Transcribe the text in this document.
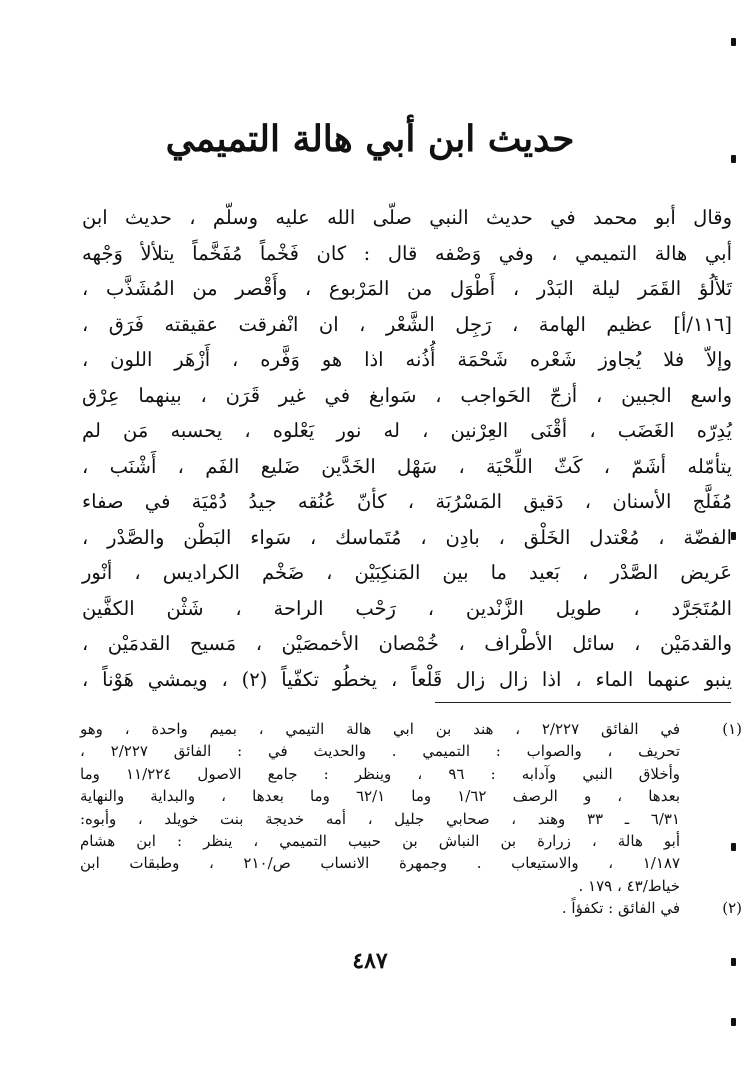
حديث ابن أبي هالة التميمي
وقال أبو محمد في حديث النبي صلّى الله عليه وسلّم ، حديث ابن
أبي هالة التميمي ، وفي وَصْفه قال : كان فَخْماً مُفَخَّماً يتلألأ وَجْهه
تَلألُؤ القَمَر ليلة البَدْر ، أَطْوَل من المَرْبوع ، وأَقْصر من المُشَذَّب ،
[١١٦/أ] عظيم الهامة ، رَجِل الشَّعْر ، ان انْفرقت عقيقته فَرَق ،
وإلاّ فلا يُجاوز شَعْره شَحْمَة أُذُنه اذا هو وَفَّره ، أَزْهَر اللون ،
واسع الجبين ، أزجّ الحَواجب ، سَوابغ في غير قَرَن ، بينهما عِرْق
يُدِرّه الغَضَب ، أقْنَى العِرْنين ، له نور يَعْلوه ، يحسبه مَن لم
يتأمّله أشَمّ ، كَثّ اللِّحْيَة ، سَهْل الخَدَّين ضَليع الفَم ، أَشْنَب ،
مُفَلَّج الأسنان ، دَقيق المَسْرُبَة ، كأنّ عُنُقه جيدُ دُمْيَة في صفاء
الفضّة ، مُعْتدل الخَلْق ، بادِن ، مُتَماسك ، سَواء البَطْن والصَّدْر ،
عَريض الصَّدْر ، بَعيد ما بين المَنكِبَيْن ، ضَخْم الكراديس ، أنْور
المُتَجَرَّد ، طويل الزَّنْدين ، رَحْب الراحة ، شَثْن الكفَّين
والقدمَيْن ، سائل الأطْراف ، خُمْصان الأخمصَيْن ، مَسيح القدمَيْن ،
ينبو عنهما الماء ، اذا زال زال قَلْعاً ، يخطُو تكفّياً (٢) ، ويمشي هَوْناً ،
(١)
في الفائق ٢/٢٢٧ ، هند بن ابي هالة التيمي ، بميم واحدة ، وهو
تحريف ، والصواب : التميمي . والحديث في : الفائق ٢/٢٢٧ ،
وأخلاق النبي وآدابه : ٩٦ ، وينظر : جامع الاصول ١١/٢٢٤ وما
بعدها ، و الرصف ١/٦٢ وما ٦٢/١ وما بعدها ، والبداية والنهاية
٦/٣١ ـ ٣٣ وهند ، صحابي جليل ، أمه خديجة بنت خويلد ، وأبوه:
أبو هالة ، زرارة بن النباش بن حبيب التميمي ، ينظر : ابن هشام
١/١٨٧ ، والاستيعاب . وجمهرة الانساب ص/٢١٠ ، وطبقات ابن
خياط/٤٣ ، ١٧٩ .
(٢)
في الفائق : تكفؤاً .
٤٨٧
